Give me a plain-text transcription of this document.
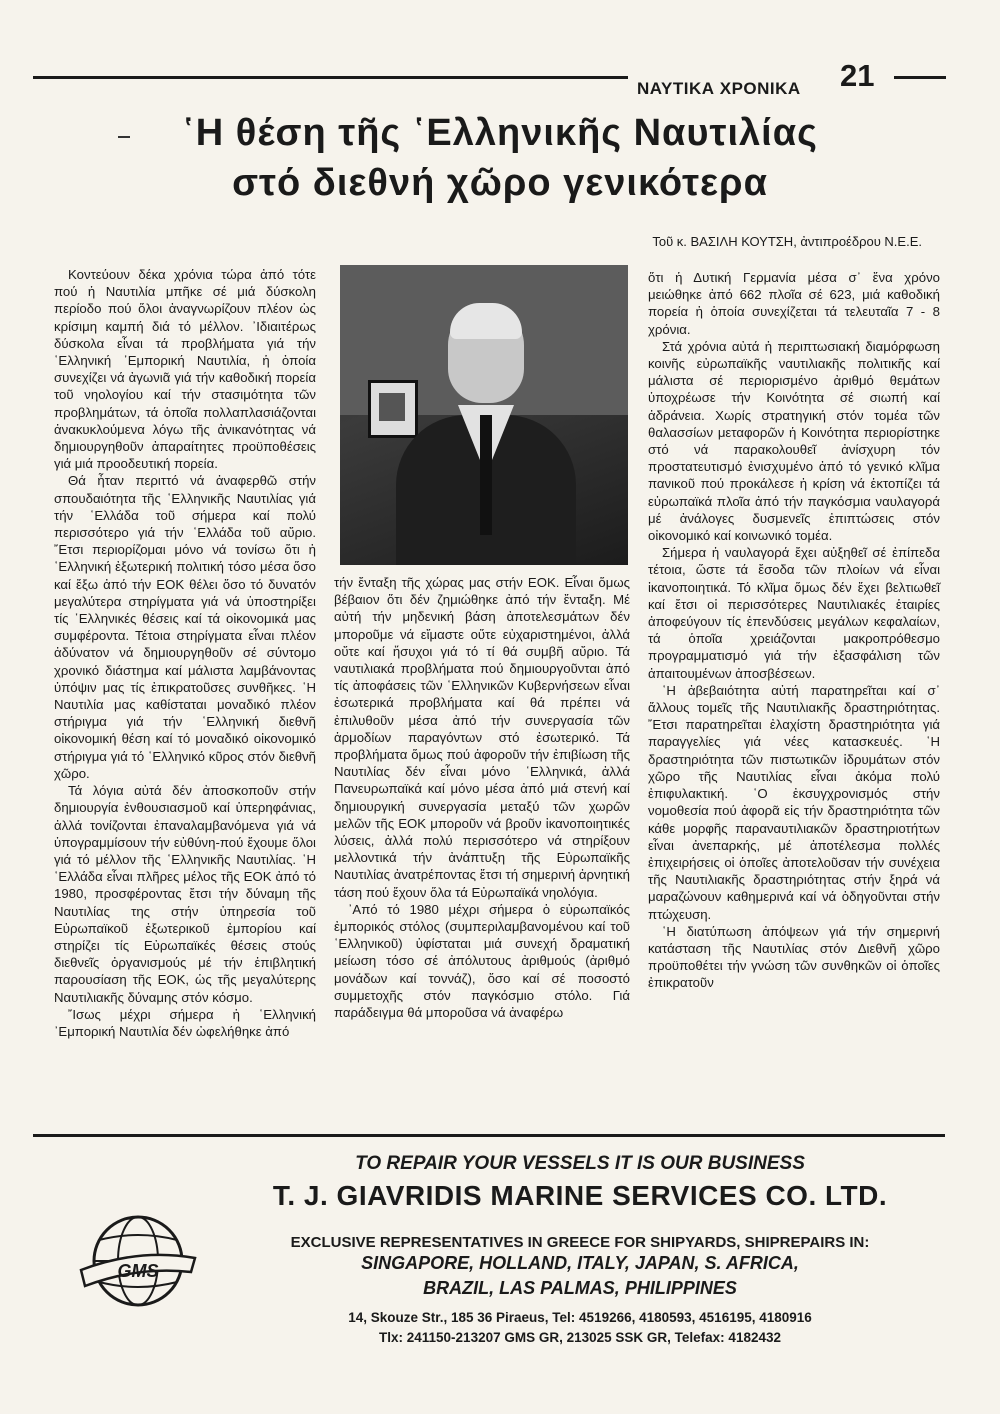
ΝΑΥΤΙΚΑ ΧΡΟΝΙΚΑ 21
῾Η θέση τῆς ῾Ελληνικῆς Ναυτιλίας
στό διεθνή χῶρο γενικότερα
Τοῦ κ. ΒΑΣΙΛΗ ΚΟΥΤΣΗ, ἀντιπροέδρου Ν.Ε.Ε.

Κοντεύουν δέκα χρόνια τώρα ἀπό τότε πού ἡ Ναυτιλία μπῆκε σέ μιά δύσκολη περίοδο πού ὅλοι ἀναγνωρίζουν πλέον ὡς κρίσιμη καμπή διά τό μέλλον. ᾿Ιδιαιτέρως δύσκολα εἶναι τά προβλήματα γιά τήν ῾Ελληνική ᾿Εμπορική Ναυτιλία, ἡ ὁποία συνεχίζει νά ἀγωνιᾶ γιά τήν καθοδική πορεία τοῦ νηολογίου καί τήν στασιμότητα τῶν προβλημάτων, τά ὁποῖα πολλαπλασιάζονται ἀνακυκλούμενα λόγω τῆς ἀνικανότητας νά δημιουργηθοῦν ἀπαραίτητες προϋποθέσεις γιά μιά προοδευτική πορεία.

Θά ἦταν περιττό νά ἀναφερθῶ στήν σπουδαιότητα τῆς ῾Ελληνικῆς Ναυτιλίας γιά τήν ῾Ελλάδα τοῦ σήμερα καί πολύ περισσότερο γιά τήν ῾Ελλάδα τοῦ αὔριο. ῎Ετσι περιορίζομαι μόνο νά τονίσω ὅτι ἡ ῾Ελληνική ἐξωτερική πολιτική τόσο μέσα ὅσο καί ἔξω ἀπό τήν ΕΟΚ θέλει ὅσο τό δυνατόν μεγαλύτερα στηρίγματα γιά νά ὑποστηρίξει τίς ῾Ελληνικές θέσεις καί τά οἰκονομικά μας συμφέροντα. Τέτοια στηρίγματα εἶναι πλέον ἀδύνατον νά δημιουργηθοῦν σέ σύντομο χρονικό διάστημα καί μάλιστα λαμβάνοντας ὑπόψιν μας τίς ἐπικρατοῦσες συνθῆκες. ῾Η Ναυτιλία μας καθίσταται μοναδικό πλέον στήριγμα γιά τήν ῾Ελληνική διεθνῆ οἰκονομική θέση καί τό μοναδικό οἰκονομικό στήριγμα γιά τό ῾Ελληνικό κῦρος στόν διεθνῆ χῶρο.

Τά λόγια αὐτά δέν ἀποσκοποῦν στήν δημιουργία ἐνθουσιασμοῦ καί ὑπερηφάνιας, ἀλλά τονίζονται ἐπαναλαμβανόμενα γιά νά ὑπογραμμίσουν τήν εὐθύνη-πού ἔχουμε ὅλοι γιά τό μέλλον τῆς ῾Ελληνικῆς Ναυτιλίας. ῾Η ῾Ελλάδα εἶναι πλῆρες μέλος τῆς ΕΟΚ ἀπό τό 1980, προσφέροντας ἔτσι τήν δύναμη τῆς Ναυτιλίας της στήν ὑπηρεσία τοῦ Εὐρωπαϊκοῦ ἐξωτερικοῦ ἐμπορίου καί στηρίζει τίς Εὐρωπαϊκές θέσεις στούς διεθνεῖς ὀργανισμούς μέ τήν ἐπιβλητική παρουσίαση τῆς ΕΟΚ, ὡς τῆς μεγαλύτερης Ναυτιλιακῆς δύναμης στόν κόσμο.

῎Ισως μέχρι σήμερα ἡ ῾Ελληνική ᾿Εμπορική Ναυτιλία δέν ὠφελήθηκε ἀπό

τήν ἔνταξη τῆς χώρας μας στήν ΕΟΚ. Εἶναι ὅμως βέβαιον ὅτι δέν ζημιώθηκε ἀπό τήν ἔνταξη. Μέ αὐτή τήν μηδενική βάση ἀποτελεσμάτων δέν μποροῦμε νά εἴμαστε οὔτε εὐχαριστημένοι, ἀλλά οὔτε καί ἥσυχοι γιά τό τί θά συμβῆ αὔριο. Τά ναυτιλιακά προβλήματα πού δημιουργοῦνται ἀπό τίς ἀποφάσεις τῶν ῾Ελληνικῶν Κυβερνήσεων εἶναι ἐσωτερικά προβλήματα καί θά πρέπει νά ἐπιλυθοῦν μέσα ἀπό τήν συνεργασία τῶν ἁρμοδίων παραγόντων στό ἐσωτερικό. Τά προβλήματα ὅμως πού ἀφοροῦν τήν ἐπιβίωση τῆς Ναυτιλίας δέν εἶναι μόνο ῾Ελληνικά, ἀλλά Πανευρωπαϊκά καί μόνο μέσα ἀπό μιά στενή καί δημιουργική συνεργασία μεταξύ τῶν χωρῶν μελῶν τῆς ΕΟΚ μποροῦν νά βροῦν ἱκανοποιητικές λύσεις, ἀλλά πολύ περισσότερο νά στηρίξουν μελλοντικά τήν ἀνάπτυξη τῆς Εὐρωπαϊκῆς Ναυτιλίας ἀνατρέποντας ἔτσι τή σημερινή ἀρνητική τάση πού ἔχουν ὅλα τά Εὐρωπαϊκά νηολόγια.

᾿Από τό 1980 μέχρι σήμερα ὁ εὐρωπαϊκός ἐμπορικός στόλος (συμπεριλαμβανομένου καί τοῦ ῾Ελληνικοῦ) ὑφίσταται μιά συνεχή δραματική μείωση τόσο σέ ἀπόλυτους ἀριθμούς (ἀριθμό μονάδων καί τοννάζ), ὅσο καί σέ ποσοστό συμμετοχῆς στόν παγκόσμιο στόλο. Γιά παράδειγμα θά μποροῦσα νά ἀναφέρω

ὅτι ἡ Δυτική Γερμανία μέσα σ᾿ ἕνα χρόνο μειώθηκε ἀπό 662 πλοῖα σέ 623, μιά καθοδική πορεία ἡ ὁποία συνεχίζεται τά τελευταῖα 7 - 8 χρόνια.

Στά χρόνια αὐτά ἡ περιπτωσιακή διαμόρφωση κοινῆς εὐρωπαϊκῆς ναυτιλιακῆς πολιτικῆς καί μάλιστα σέ περιορισμένο ἀριθμό θεμάτων ὑποχρέωσε τήν Κοινότητα σέ σιωπή καί ἀδράνεια. Χωρίς στρατηγική στόν τομέα τῶν θαλασσίων μεταφορῶν ἡ Κοινότητα περιορίστηκε στό νά παρακολουθεῖ ἀνίσχυρη τόν προστατευτισμό ἐνισχυμένο ἀπό τό γενικό κλῖμα πανικοῦ πού προκάλεσε ἡ κρίση νά ἐκτοπίζει τά εὐρωπαϊκά πλοῖα ἀπό τήν παγκόσμια ναυλαγορά μέ ἀνάλογες δυσμενεῖς ἐπιπτώσεις στόν οἰκονομικό καί κοινωνικό τομέα.

Σήμερα ἡ ναυλαγορά ἔχει αὐξηθεῖ σέ ἐπίπεδα τέτοια, ὥστε τά ἔσοδα τῶν πλοίων νά εἶναι ἱκανοποιητικά. Τό κλῖμα ὅμως δέν ἔχει βελτιωθεῖ καί ἔτσι οἱ περισσότερες Ναυτιλιακές ἑταιρίες ἀποφεύγουν τίς ἐπενδύσεις μεγάλων κεφαλαίων, τά ὁποῖα χρειάζονται μακροπρόθεσμο προγραμματισμό γιά τήν ἐξασφάλιση τῶν ἀπαιτουμένων ἀποσβέσεων.

῾Η ἀβεβαιότητα αὐτή παρατηρεῖται καί σ᾿ ἄλλους τομεῖς τῆς Ναυτιλιακῆς δραστηριότητας. ῎Ετσι παρατηρεῖται ἐλαχίστη δραστηριότητα γιά παραγγελίες γιά νέες κατασκευές. ῾Η δραστηριότητα τῶν πιστωτικῶν ἱδρυμάτων στόν χῶρο τῆς Ναυτιλίας εἶναι ἀκόμα πολύ ἐπιφυλακτική. ῾Ο ἐκσυγχρονισμός στήν νομοθεσία πού ἀφορᾶ εἰς τήν δραστηριότητα τῶν κάθε μορφῆς παραναυτιλιακῶν δραστηριοτήτων εἶναι ἀνεπαρκής, μέ ἀποτέλεσμα πολλές ἐπιχειρήσεις οἱ ὁποῖες ἀποτελοῦσαν τήν συνέχεια τῆς Ναυτιλιακῆς δραστηριότητας στήν ξηρά νά μαραζώνουν καθημερινά καί νά ὁδηγοῦνται στήν πτώχευση.

῾Η διατύπωση ἀπόψεων γιά τήν σημερινή κατάσταση τῆς Ναυτιλίας στόν Διεθνῆ χῶρο προϋποθέτει τήν γνώση τῶν συνθηκῶν οἱ ὁποῖες ἐπικρατοῦν

GMS
TO REPAIR YOUR VESSELS IT IS OUR BUSINESS
T. J. GIAVRIDIS MARINE SERVICES CO. LTD.
EXCLUSIVE REPRESENTATIVES IN GREECE FOR SHIPYARDS, SHIPREPAIRS IN:
SINGAPORE, HOLLAND, ITALY, JAPAN, S. AFRICA,
BRAZIL, LAS PALMAS, PHILIPPINES
14, Skouze Str., 185 36 Piraeus, Tel: 4519266, 4180593, 4516195, 4180916
Tlx: 241150-213207 GMS GR, 213025 SSK GR, Telefax: 4182432
